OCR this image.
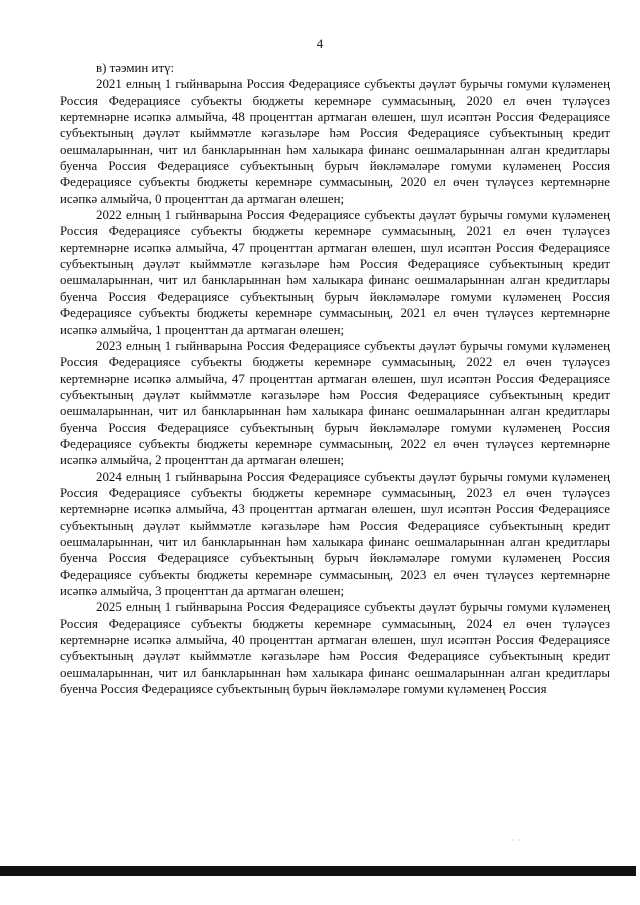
4

в) тәэмин итү:

2021 елның 1 гыйнварына Россия Федерациясе субъекты дәүләт бурычы гомуми күләменең Россия Федерациясе субъекты бюджеты керемнәре суммасының, 2020 ел өчен түләүсез кертемнәрне исәпкә алмыйча, 48 проценттан артмаган өлешен, шул исәптән Россия Федерациясе субъектының дәүләт кыйммәтле кәгазьләре һәм Россия Федерациясе субъектының кредит оешмаларыннан, чит ил банкларыннан һәм халыкара финанс оешмаларыннан алган кредитлары буенча Россия Федерациясе субъектының бурыч йөкләмәләре гомуми күләменең Россия Федерациясе субъекты бюджеты керемнәре суммасының, 2020 ел өчен түләүсез кертемнәрне исәпкә алмыйча, 0 проценттан да артмаган өлешен;

2022 елның 1 гыйнварына Россия Федерациясе субъекты дәүләт бурычы гомуми күләменең Россия Федерациясе субъекты бюджеты керемнәре суммасының, 2021 ел өчен түләүсез кертемнәрне исәпкә алмыйча, 47 проценттан артмаган өлешен, шул исәптән Россия Федерациясе субъектының дәүләт кыйммәтле кәгазьләре һәм Россия Федерациясе субъектының кредит оешмаларыннан, чит ил банкларыннан һәм халыкара финанс оешмаларыннан алган кредитлары буенча Россия Федерациясе субъектының бурыч йөкләмәләре гомуми күләменең Россия Федерациясе субъекты бюджеты керемнәре суммасының, 2021 ел өчен түләүсез кертемнәрне исәпкә алмыйча, 1 проценттан да артмаган өлешен;

2023 елның 1 гыйнварына Россия Федерациясе субъекты дәүләт бурычы гомуми күләменең Россия Федерациясе субъекты бюджеты керемнәре суммасының, 2022 ел өчен түләүсез кертемнәрне исәпкә алмыйча, 47 проценттан артмаган өлешен, шул исәптән Россия Федерациясе субъектының дәүләт кыйммәтле кәгазьләре һәм Россия Федерациясе субъектының кредит оешмаларыннан, чит ил банкларыннан һәм халыкара финанс оешмаларыннан алган кредитлары буенча Россия Федерациясе субъектының бурыч йөкләмәләре гомуми күләменең Россия Федерациясе субъекты бюджеты керемнәре суммасының, 2022 ел өчен түләүсез кертемнәрне исәпкә алмыйча, 2 проценттан да артмаган өлешен;

2024 елның 1 гыйнварына Россия Федерациясе субъекты дәүләт бурычы гомуми күләменең Россия Федерациясе субъекты бюджеты керемнәре суммасының, 2023 ел өчен түләүсез кертемнәрне исәпкә алмыйча, 43 проценттан артмаган өлешен, шул исәптән Россия Федерациясе субъектының дәүләт кыйммәтле кәгазьләре һәм Россия Федерациясе субъектының кредит оешмаларыннан, чит ил банкларыннан һәм халыкара финанс оешмаларыннан алган кредитлары буенча Россия Федерациясе субъектының бурыч йөкләмәләре гомуми күләменең Россия Федерациясе субъекты бюджеты керемнәре суммасының, 2023 ел өчен түләүсез кертемнәрне исәпкә алмыйча, 3 проценттан да артмаган өлешен;

2025 елның 1 гыйнварына Россия Федерациясе субъекты дәүләт бурычы гомуми күләменең Россия Федерациясе субъекты бюджеты керемнәре суммасының, 2024 ел өчен түләүсез кертемнәрне исәпкә алмыйча, 40 проценттан артмаган өлешен, шул исәптән Россия Федерациясе субъектының дәүләт кыйммәтле кәгазьләре һәм Россия Федерациясе субъектының кредит оешмаларыннан, чит ил банкларыннан һәм халыкара финанс оешмаларыннан алган кредитлары буенча Россия Федерациясе субъектының бурыч йөкләмәләре гомуми күләменең Россия

· ·
